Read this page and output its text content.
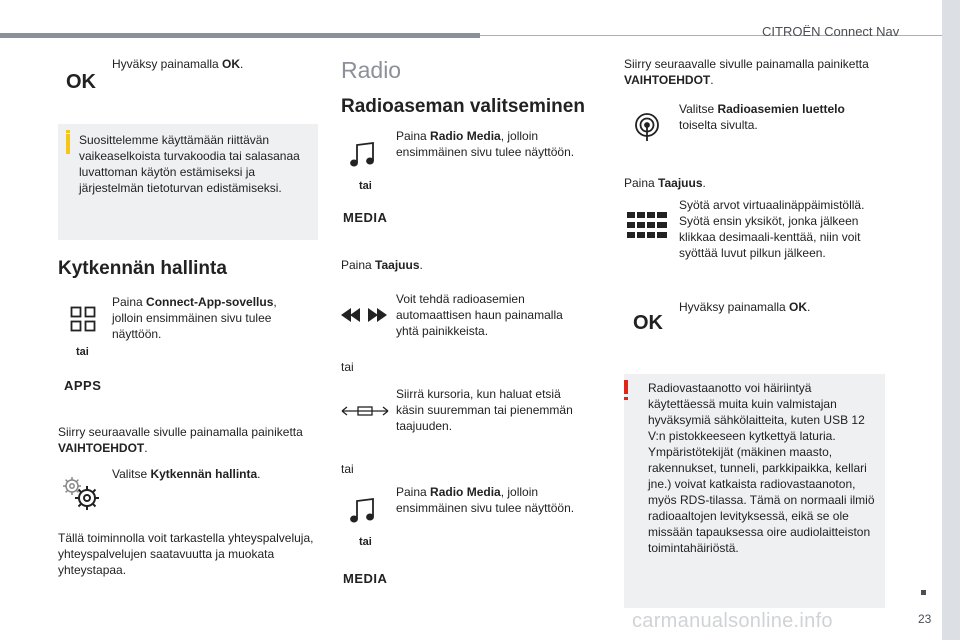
CITROËN Connect Nav
OK
Hyväksy painamalla OK.
Suosittelemme käyttämään riittävän vaikeaselkoista turvakoodia tai salasanaa luvattoman käytön estämiseksi ja järjestelmän tietoturvan edistämiseksi.
Kytkennän hallinta
tai
APPS
Paina Connect-App-sovellus, jolloin ensimmäinen sivu tulee näyttöön.
Siirry seuraavalle sivulle painamalla painiketta VAIHTOEHDOT.
Valitse Kytkennän hallinta.
Tällä toiminnolla voit tarkastella yhteyspalveluja, yhteyspalvelujen saatavuutta ja muokata yhteystapaa.
Radio
Radioaseman valitseminen
tai
MEDIA
Paina Radio Media, jolloin ensimmäinen sivu tulee näyttöön.
Paina Taajuus.
Voit tehdä radioasemien automaattisen haun painamalla yhtä painikkeista.
tai
Siirrä kursoria, kun haluat etsiä käsin suuremman tai pienemmän taajuuden.
tai
tai
MEDIA
Paina Radio Media, jolloin ensimmäinen sivu tulee näyttöön.
Siirry seuraavalle sivulle painamalla painiketta VAIHTOEHDOT.
Valitse Radioasemien luettelo toiselta sivulta.
Paina Taajuus.
Syötä arvot virtuaalinäppäimistöllä. Syötä ensin yksiköt, jonka jälkeen klikkaa desimaali-kenttää, niin voit syöttää luvut pilkun jälkeen.
OK
Hyväksy painamalla OK.
Radiovastaanotto voi häiriintyä käytettäessä muita kuin valmistajan hyväksymiä sähkölaitteita, kuten USB 12 V:n pistokkeeseen kytkettyä laturia. Ympäristötekijät (mäkinen maasto, rakennukset, tunneli, parkkipaikka, kellari jne.) voivat katkaista radiovastaanoton, myös RDS-tilassa. Tämä on normaali ilmiö radioaaltojen levityksessä, eikä se ole missään tapauksessa oire audiolaitteiston toimintahäiriöstä.
23
carmanualsonline.info
